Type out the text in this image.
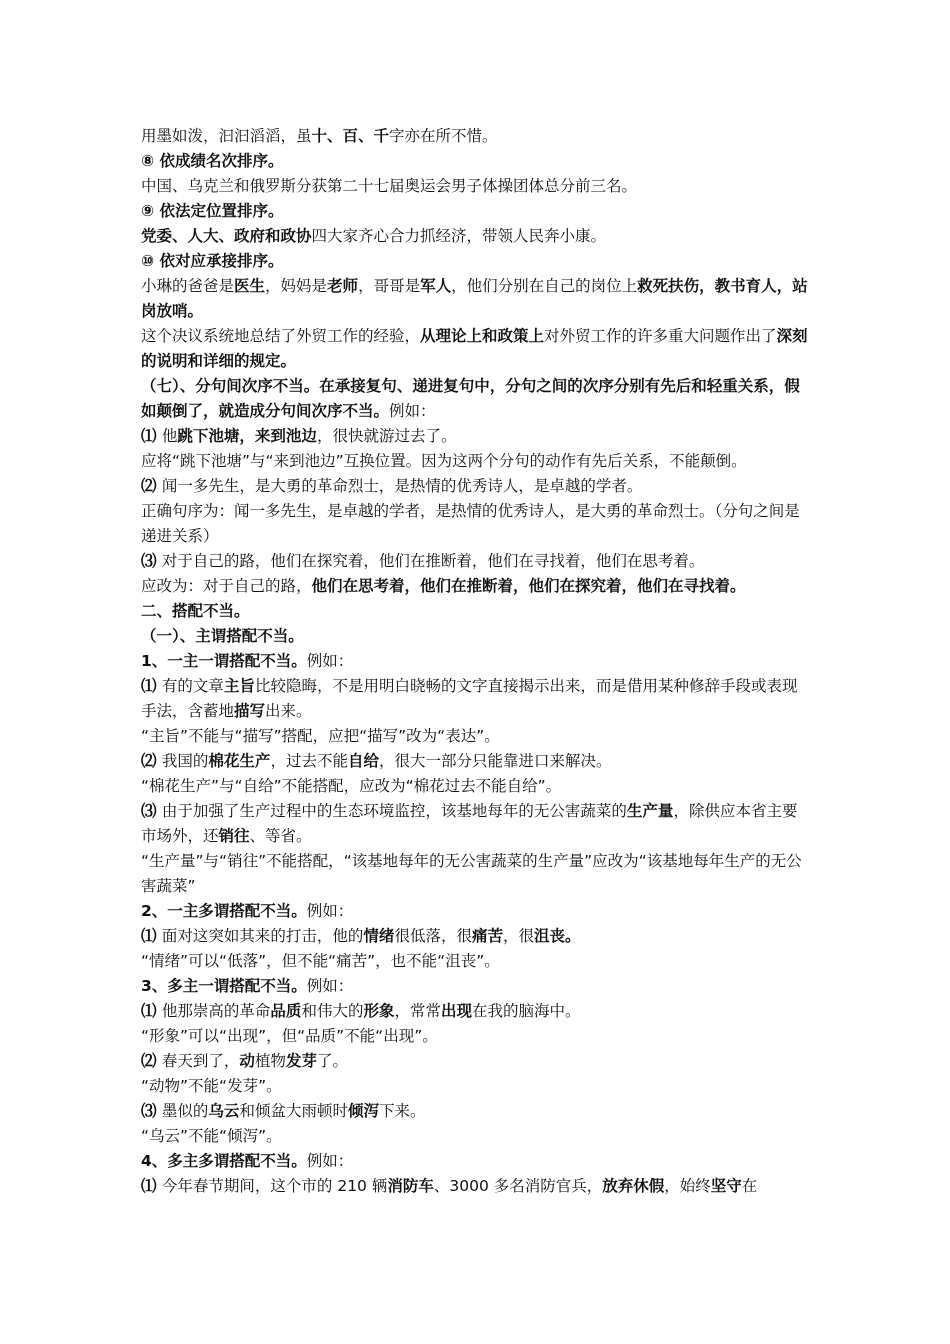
用墨如泼，汩汩滔滔，虽十、百、千字亦在所不惜。

⑧ 依成绩名次排序。

中国、乌克兰和俄罗斯分获第二十七届奥运会男子体操团体总分前三名。

⑨ 依法定位置排序。

党委、人大、政府和政协四大家齐心合力抓经济，带领人民奔小康。

⑩ 依对应承接排序。

小琳的爸爸是医生，妈妈是老师，哥哥是军人，他们分别在自己的岗位上救死扶伤，教书育人，站岗放哨。

这个决议系统地总结了外贸工作的经验，从理论上和政策上对外贸工作的许多重大问题作出了深刻的说明和详细的规定。

（七）、分句间次序不当。在承接复句、递进复句中，分句之间的次序分别有先后和轻重关系，假如颠倒了，就造成分句间次序不当。例如：

⑴ 他跳下池塘，来到池边，很快就游过去了。

应将“跳下池塘”与“来到池边”互换位置。因为这两个分句的动作有先后关系，不能颠倒。

⑵ 闻一多先生，是大勇的革命烈士，是热情的优秀诗人，是卓越的学者。

正确句序为：闻一多先生，是卓越的学者，是热情的优秀诗人，是大勇的革命烈士。（分句之间是递进关系）

⑶ 对于自己的路，他们在探究着，他们在推断着，他们在寻找着，他们在思考着。

应改为：对于自己的路，他们在思考着，他们在推断着，他们在探究着，他们在寻找着。

二、搭配不当。

（一）、主谓搭配不当。

1、一主一谓搭配不当。例如：

⑴ 有的文章主旨比较隐晦，不是用明白晓畅的文字直接揭示出来，而是借用某种修辞手段或表现手法，含蓄地描写出来。

“主旨”不能与“描写”搭配，应把“描写”改为“表达”。

⑵ 我国的棉花生产，过去不能自给，很大一部分只能靠进口来解决。

“棉花生产”与“自给”不能搭配，应改为“棉花过去不能自给”。

⑶ 由于加强了生产过程中的生态环境监控，该基地每年的无公害蔬菜的生产量，除供应本省主要市场外，还销往、等省。

“生产量”与“销往”不能搭配，“该基地每年的无公害蔬菜的生产量”应改为“该基地每年生产的无公害蔬菜”

2、一主多谓搭配不当。例如：

⑴ 面对这突如其来的打击，他的情绪很低落，很痛苦，很沮丧。

“情绪”可以“低落”，但不能“痛苦”，也不能“沮丧”。

3、多主一谓搭配不当。例如：

⑴ 他那崇高的革命品质和伟大的形象，常常出现在我的脑海中。

“形象”可以“出现”，但“品质”不能“出现”。

⑵ 春天到了，动植物发芽了。

“动物”不能“发芽”。

⑶ 墨似的乌云和倾盆大雨顿时倾泻下来。

“乌云”不能“倾泻”。

4、多主多谓搭配不当。例如：

⑴ 今年春节期间，这个市的 210 辆消防车、3000 多名消防官兵，放弃休假，始终坚守在
